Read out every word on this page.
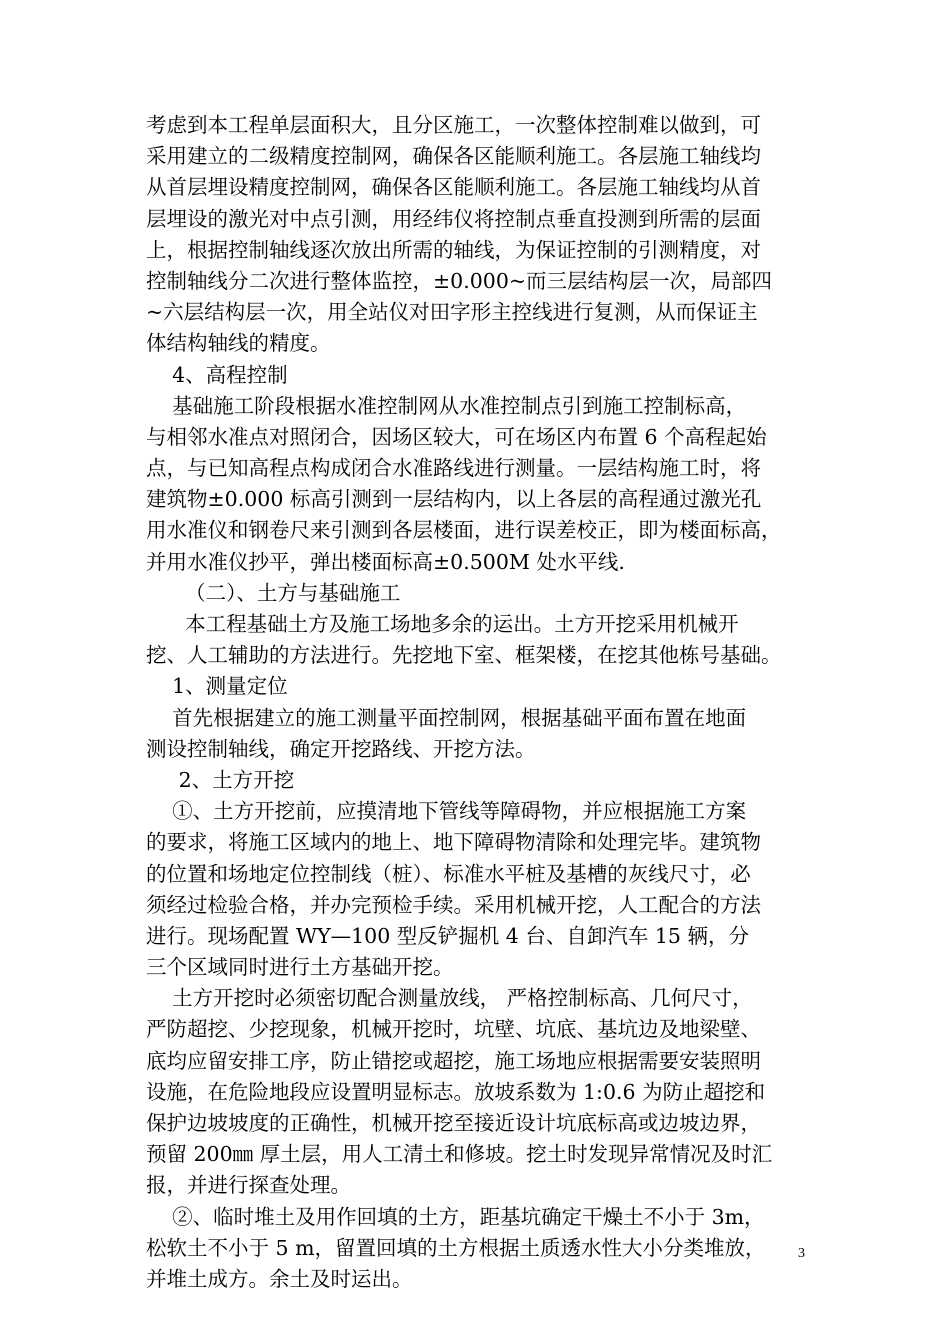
考虑到本工程单层面积大，且分区施工，一次整体控制难以做到，可
采用建立的二级精度控制网，确保各区能顺利施工。各层施工轴线均
从首层埋设精度控制网，确保各区能顺利施工。各层施工轴线均从首
层埋设的激光对中点引测，用经纬仪将控制点垂直投测到所需的层面
上，根据控制轴线逐次放出所需的轴线，为保证控制的引测精度，对
控制轴线分二次进行整体监控，±0.000~而三层结构层一次，局部四
~六层结构层一次，用全站仪对田字形主控线进行复测，从而保证主
体结构轴线的精度。
4、高程控制
基础施工阶段根据水准控制网从水准控制点引到施工控制标高，
与相邻水准点对照闭合，因场区较大，可在场区内布置 6 个高程起始
点，与已知高程点构成闭合水准路线进行测量。一层结构施工时，将
建筑物±0.000 标高引测到一层结构内，以上各层的高程通过激光孔
用水准仪和钢卷尺来引测到各层楼面，进行误差校正，即为楼面标高，
并用水准仪抄平，弹出楼面标高±0.500M 处水平线.
（二）、土方与基础施工
本工程基础土方及施工场地多余的运出。土方开挖采用机械开
挖、人工辅助的方法进行。先挖地下室、框架楼，在挖其他栋号基础。
1、测量定位
首先根据建立的施工测量平面控制网，根据基础平面布置在地面
测设控制轴线，确定开挖路线、开挖方法。
2、土方开挖
①、土方开挖前，应摸清地下管线等障碍物，并应根据施工方案
的要求，将施工区域内的地上、地下障碍物清除和处理完毕。建筑物
的位置和场地定位控制线（桩）、标准水平桩及基槽的灰线尺寸，必
须经过检验合格，并办完预检手续。采用机械开挖，人工配合的方法
进行。现场配置 WY—100 型反铲掘机 4 台、自卸汽车 15 辆，分
三个区域同时进行土方基础开挖。
土方开挖时必须密切配合测量放线， 严格控制标高、几何尺寸，
严防超挖、少挖现象，机械开挖时，坑壁、坑底、基坑边及地梁壁、
底均应留安排工序，防止错挖或超挖，施工场地应根据需要安装照明
设施，在危险地段应设置明显标志。放坡系数为 1:0.6 为防止超挖和
保护边坡坡度的正确性，机械开挖至接近设计坑底标高或边坡边界，
预留 200㎜ 厚土层，用人工清土和修坡。挖土时发现异常情况及时汇
报，并进行探查处理。
②、临时堆土及用作回填的土方，距基坑确定干燥土不小于 3m，
松软土不小于 5 m，留置回填的土方根据土质透水性大小分类堆放，
并堆土成方。余土及时运出。
3
